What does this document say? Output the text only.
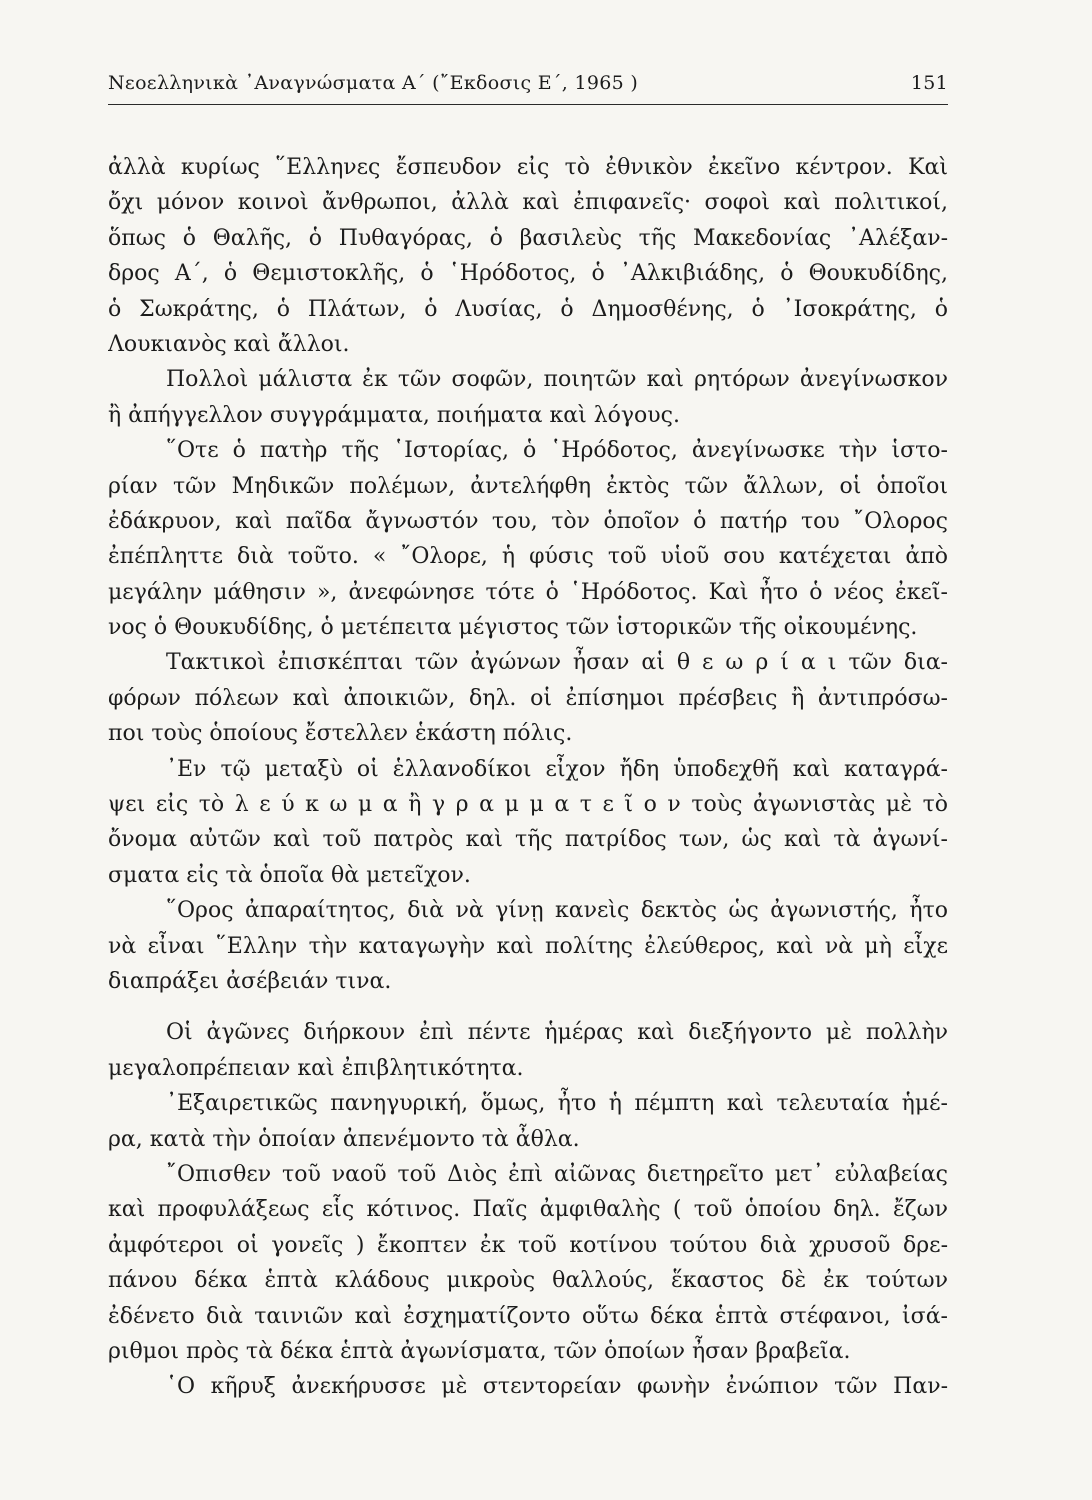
Νεοελληνικὰ ᾿Αναγνώσματα Α΄ (῎Εκδοσις Ε΄, 1965 )	151
ἀλλὰ κυρίως ῞Ελληνες ἔσπευδον εἰς τὸ ἐθνικὸν ἐκεῖνο κέντρον. Καὶ
ὄχι μόνον κοινοὶ ἄνθρωποι, ἀλλὰ καὶ ἐπιφανεῖς· σοφοὶ καὶ πολιτικοί,
ὅπως ὁ Θαλῆς, ὁ Πυθαγόρας, ὁ βασιλεὺς τῆς Μακεδονίας ᾿Αλέξαν-
δρος Α΄, ὁ Θεμιστοκλῆς, ὁ ῾Ηρόδοτος, ὁ ᾿Αλκιβιάδης, ὁ Θουκυδίδης,
ὁ Σωκράτης, ὁ Πλάτων, ὁ Λυσίας, ὁ Δημοσθένης, ὁ ᾿Ισοκράτης, ὁ
Λουκιανὸς καὶ ἄλλοι.
Πολλοὶ μάλιστα ἐκ τῶν σοφῶν, ποιητῶν καὶ ρητόρων ἀνεγίνωσκον
ἢ ἀπήγγελλον συγγράμματα, ποιήματα καὶ λόγους.
῞Οτε ὁ πατὴρ τῆς ῾Ιστορίας, ὁ ῾Ηρόδοτος, ἀνεγίνωσκε τὴν ἱστο-
ρίαν τῶν Μηδικῶν πολέμων, ἀντελήφθη ἐκτὸς τῶν ἄλλων, οἱ ὁποῖοι
ἐδάκρυον, καὶ παῖδα ἄγνωστόν του, τὸν ὁποῖον ὁ πατήρ του ῎Ολορος
ἐπέπληττε διὰ τοῦτο. « ῎Ολορε, ἡ φύσις τοῦ υἱοῦ σου κατέχεται ἀπὸ
μεγάλην μάθησιν », ἀνεφώνησε τότε ὁ ῾Ηρόδοτος. Καὶ ἦτο ὁ νέος ἐκεῖ-
νος ὁ Θουκυδίδης, ὁ μετέπειτα μέγιστος τῶν ἱστορικῶν τῆς οἰκουμένης.
Τακτικοὶ ἐπισκέπται τῶν ἀγώνων ἦσαν αἱ θ ε ω ρ ί α ι τῶν δια-
φόρων πόλεων καὶ ἀποικιῶν, δηλ. οἱ ἐπίσημοι πρέσβεις ἢ ἀντιπρόσω-
ποι τοὺς ὁποίους ἔστελλεν ἑκάστη πόλις.
᾿Εν τῷ μεταξὺ οἱ ἑλλανοδίκοι εἶχον ἤδη ὑποδεχθῆ καὶ καταγρά-
ψει εἰς τὸ λ ε ύ κ ω μ α ἢ γ ρ α μ μ α τ ε ῖ ο ν τοὺς ἀγωνιστὰς μὲ τὸ
ὄνομα αὐτῶν καὶ τοῦ πατρὸς καὶ τῆς πατρίδος των, ὡς καὶ τὰ ἀγωνί-
σματα εἰς τὰ ὁποῖα θὰ μετεῖχον.
῞Ορος ἀπαραίτητος, διὰ νὰ γίνῃ κανεὶς δεκτὸς ὡς ἀγωνιστής, ἦτο
νὰ εἶναι ῞Ελλην τὴν καταγωγὴν καὶ πολίτης ἐλεύθερος, καὶ νὰ μὴ εἶχε
διαπράξει ἀσέβειάν τινα.
Οἱ ἀγῶνες διήρκουν ἐπὶ πέντε ἡμέρας καὶ διεξήγοντο μὲ πολλὴν
μεγαλοπρέπειαν καὶ ἐπιβλητικότητα.
᾿Εξαιρετικῶς πανηγυρική, ὅμως, ἦτο ἡ πέμπτη καὶ τελευταία ἡμέ-
ρα, κατὰ τὴν ὁποίαν ἀπενέμοντο τὰ ἆθλα.
῎Οπισθεν τοῦ ναοῦ τοῦ Διὸς ἐπὶ αἰῶνας διετηρεῖτο μετ᾿ εὐλαβείας
καὶ προφυλάξεως εἷς κότινος. Παῖς ἀμφιθαλὴς ( τοῦ ὁποίου δηλ. ἔζων
ἀμφότεροι οἱ γονεῖς ) ἔκοπτεν ἐκ τοῦ κοτίνου τούτου διὰ χρυσοῦ δρε-
πάνου δέκα ἑπτὰ κλάδους μικροὺς θαλλούς, ἕκαστος δὲ ἐκ τούτων
ἐδένετο διὰ ταινιῶν καὶ ἐσχηματίζοντο οὕτω δέκα ἑπτὰ στέφανοι, ἰσά-
ριθμοι πρὸς τὰ δέκα ἑπτὰ ἀγωνίσματα, τῶν ὁποίων ἦσαν βραβεῖα.
῾Ο κῆρυξ ἀνεκήρυσσε μὲ στεντορείαν φωνὴν ἐνώπιον τῶν Παν-
